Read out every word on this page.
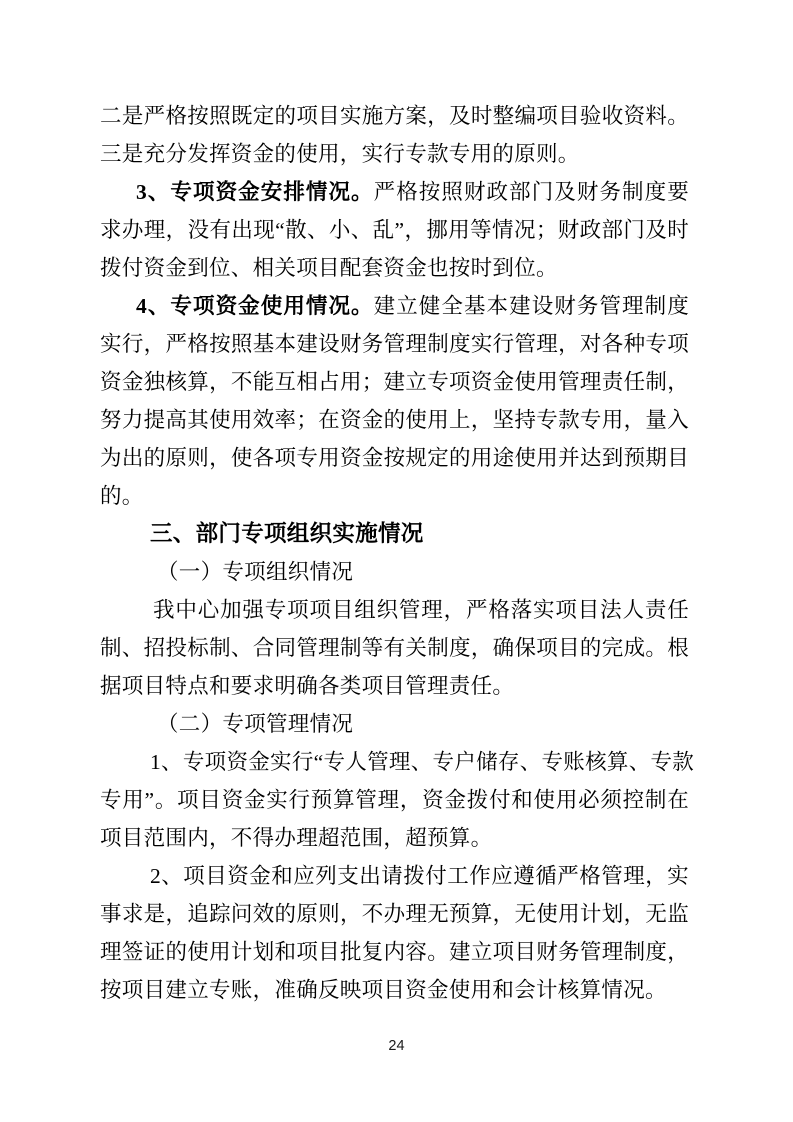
二是严格按照既定的项目实施方案，及时整编项目验收资料。
三是充分发挥资金的使用，实行专款专用的原则。
3、专项资金安排情况。严格按照财政部门及财务制度要
求办理，没有出现“散、小、乱”，挪用等情况；财政部门及时
拨付资金到位、相关项目配套资金也按时到位。
4、专项资金使用情况。建立健全基本建设财务管理制度
实行，严格按照基本建设财务管理制度实行管理，对各种专项
资金独核算，不能互相占用；建立专项资金使用管理责任制，
努力提高其使用效率；在资金的使用上，坚持专款专用，量入
为出的原则，使各项专用资金按规定的用途使用并达到预期目
的。
三、部门专项组织实施情况
（一）专项组织情况
我中心加强专项项目组织管理，严格落实项目法人责任
制、招投标制、合同管理制等有关制度，确保项目的完成。根
据项目特点和要求明确各类项目管理责任。
（二）专项管理情况
1、专项资金实行“专人管理、专户储存、专账核算、专款
专用”。项目资金实行预算管理，资金拨付和使用必须控制在
项目范围内，不得办理超范围，超预算。
2、项目资金和应列支出请拨付工作应遵循严格管理，实
事求是，追踪问效的原则，不办理无预算，无使用计划，无监
理签证的使用计划和项目批复内容。建立项目财务管理制度，
按项目建立专账，准确反映项目资金使用和会计核算情况。
24
